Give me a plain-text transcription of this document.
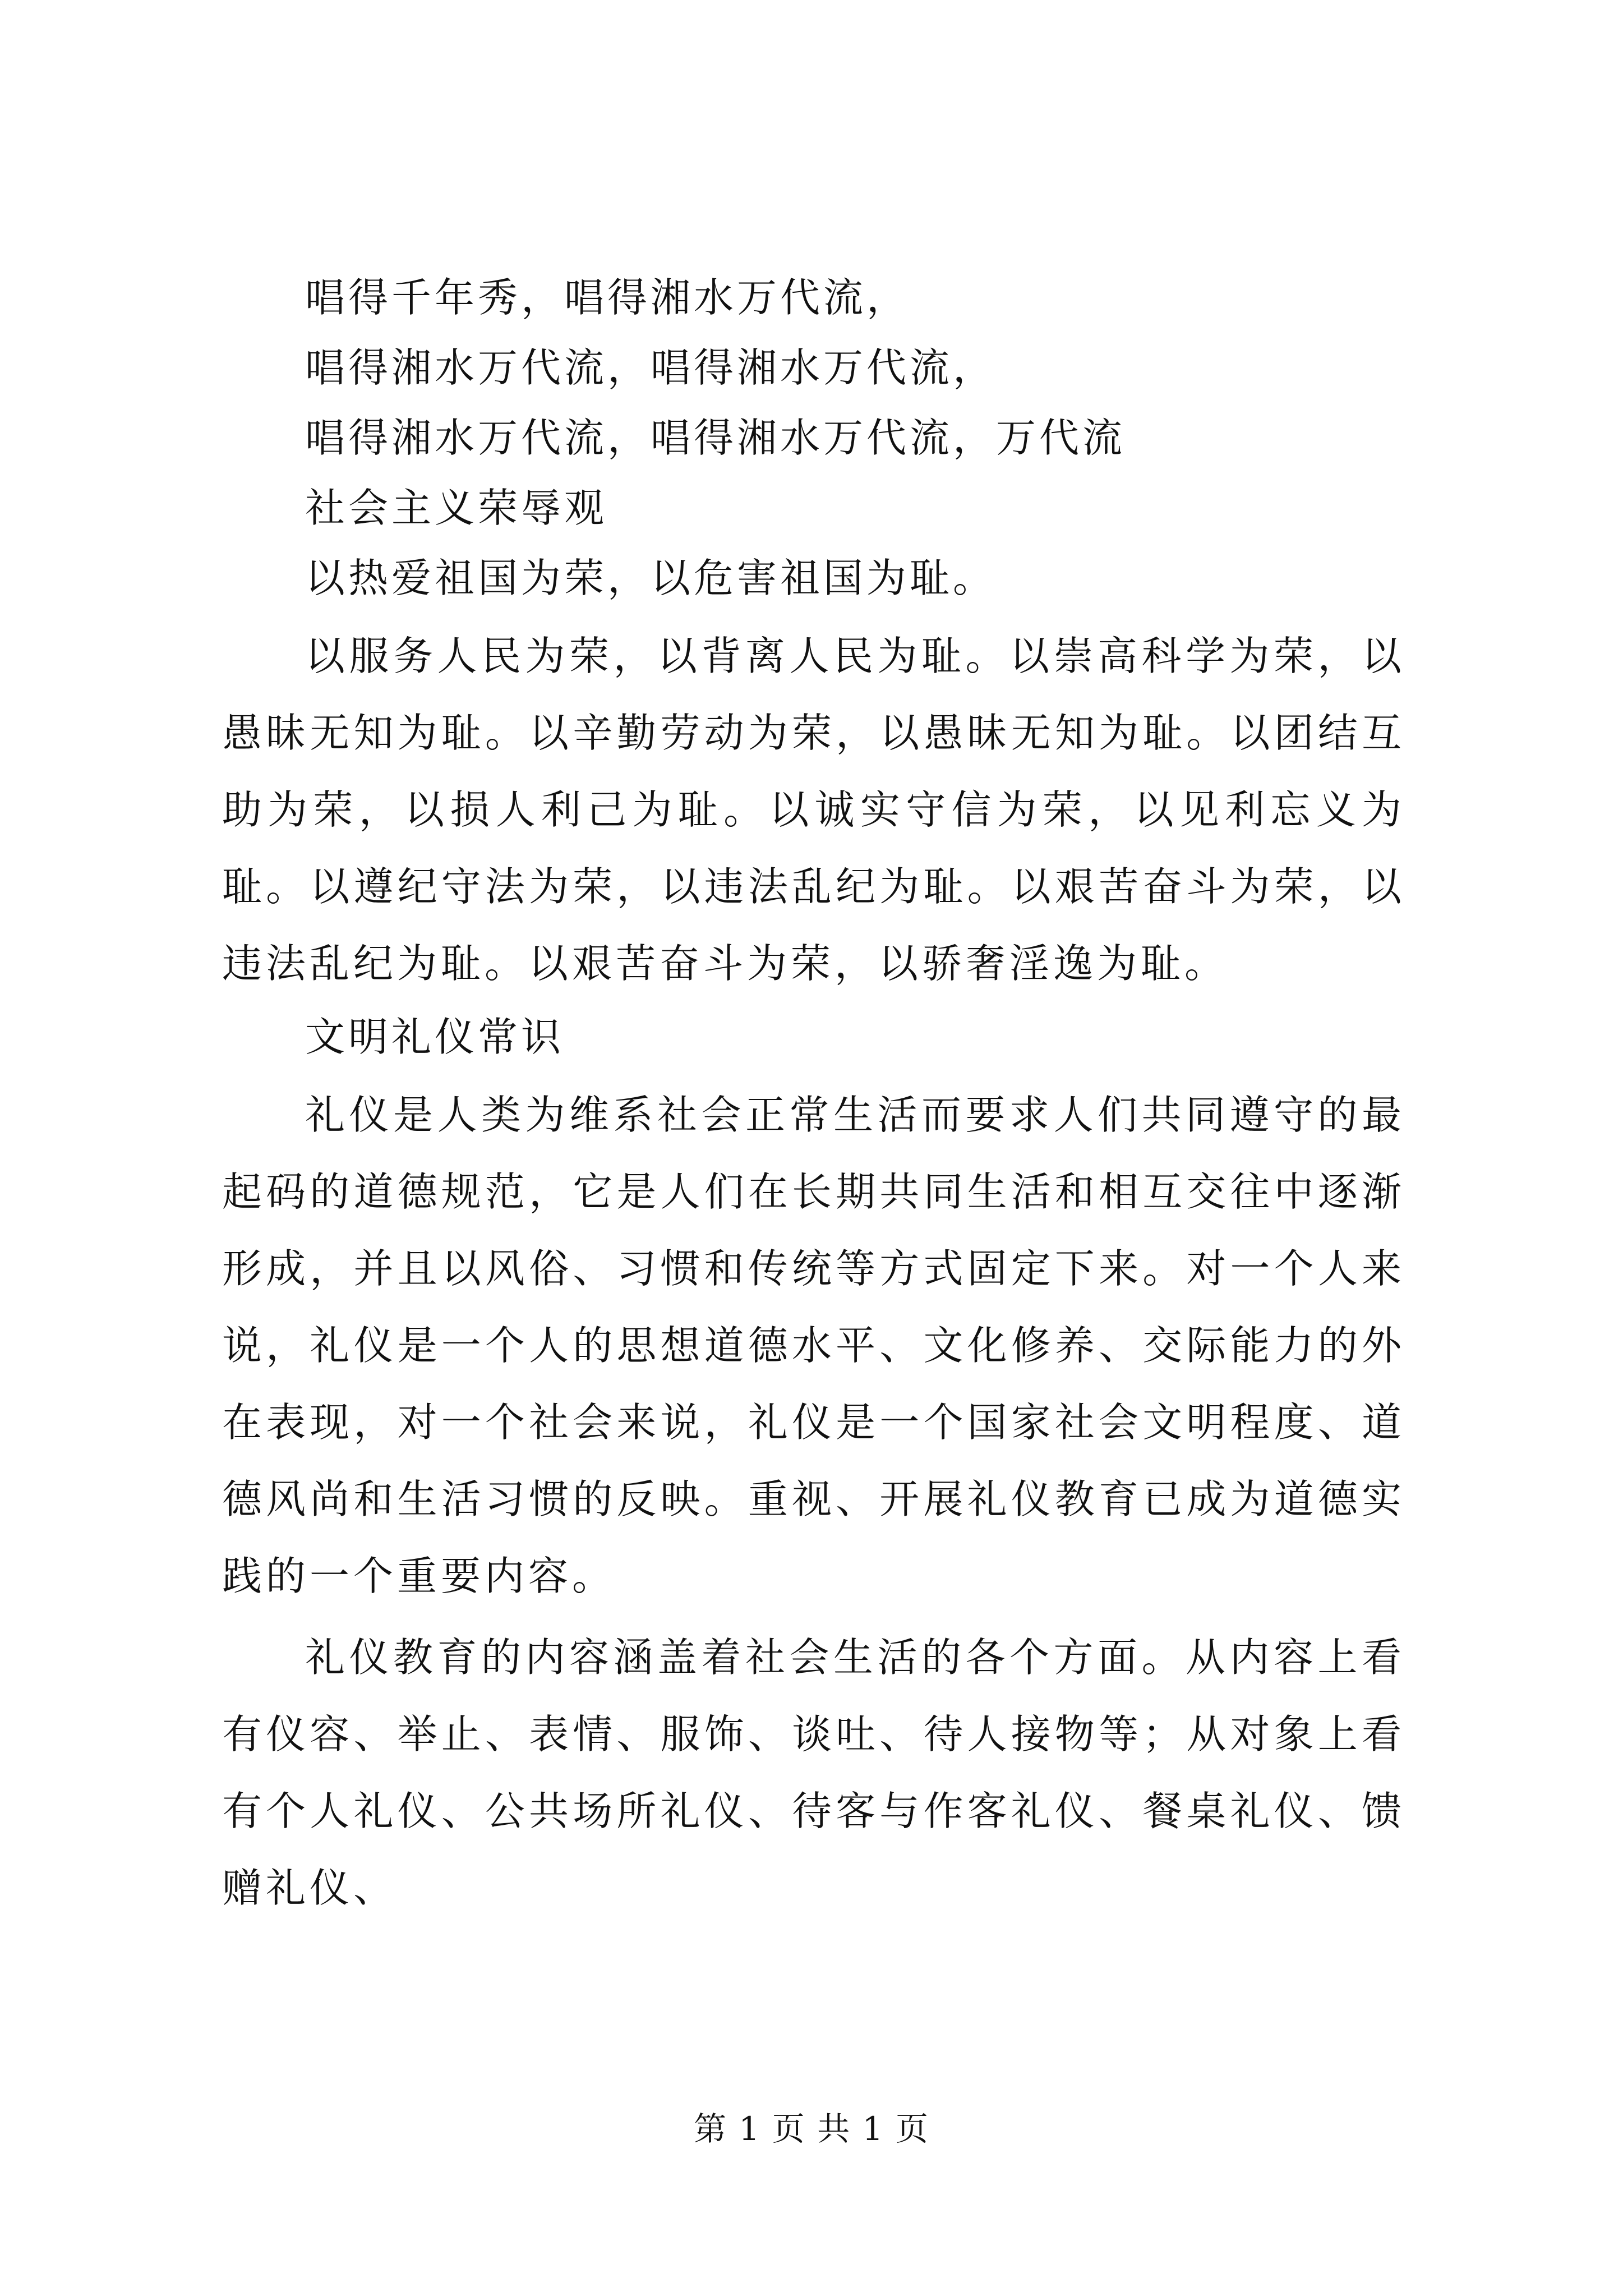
唱得千年秀，唱得湘水万代流，
唱得湘水万代流，唱得湘水万代流，
唱得湘水万代流，唱得湘水万代流，万代流
社会主义荣辱观
以热爱祖国为荣，以危害祖国为耻。

以服务人民为荣，以背离人民为耻。以崇高科学为荣，以愚昧无知为耻。以辛勤劳动为荣，以愚昧无知为耻。以团结互助为荣，以损人利己为耻。以诚实守信为荣，以见利忘义为耻。以遵纪守法为荣，以违法乱纪为耻。以艰苦奋斗为荣，以违法乱纪为耻。以艰苦奋斗为荣，以骄奢淫逸为耻。

文明礼仪常识

礼仪是人类为维系社会正常生活而要求人们共同遵守的最起码的道德规范，它是人们在长期共同生活和相互交往中逐渐形成，并且以风俗、习惯和传统等方式固定下来。对一个人来说，礼仪是一个人的思想道德水平、文化修养、交际能力的外在表现，对一个社会来说，礼仪是一个国家社会文明程度、道德风尚和生活习惯的反映。重视、开展礼仪教育已成为道德实践的一个重要内容。

礼仪教育的内容涵盖着社会生活的各个方面。从内容上看有仪容、举止、表情、服饰、谈吐、待人接物等；从对象上看有个人礼仪、公共场所礼仪、待客与作客礼仪、餐桌礼仪、馈赠礼仪、

第 1 页 共 1 页
